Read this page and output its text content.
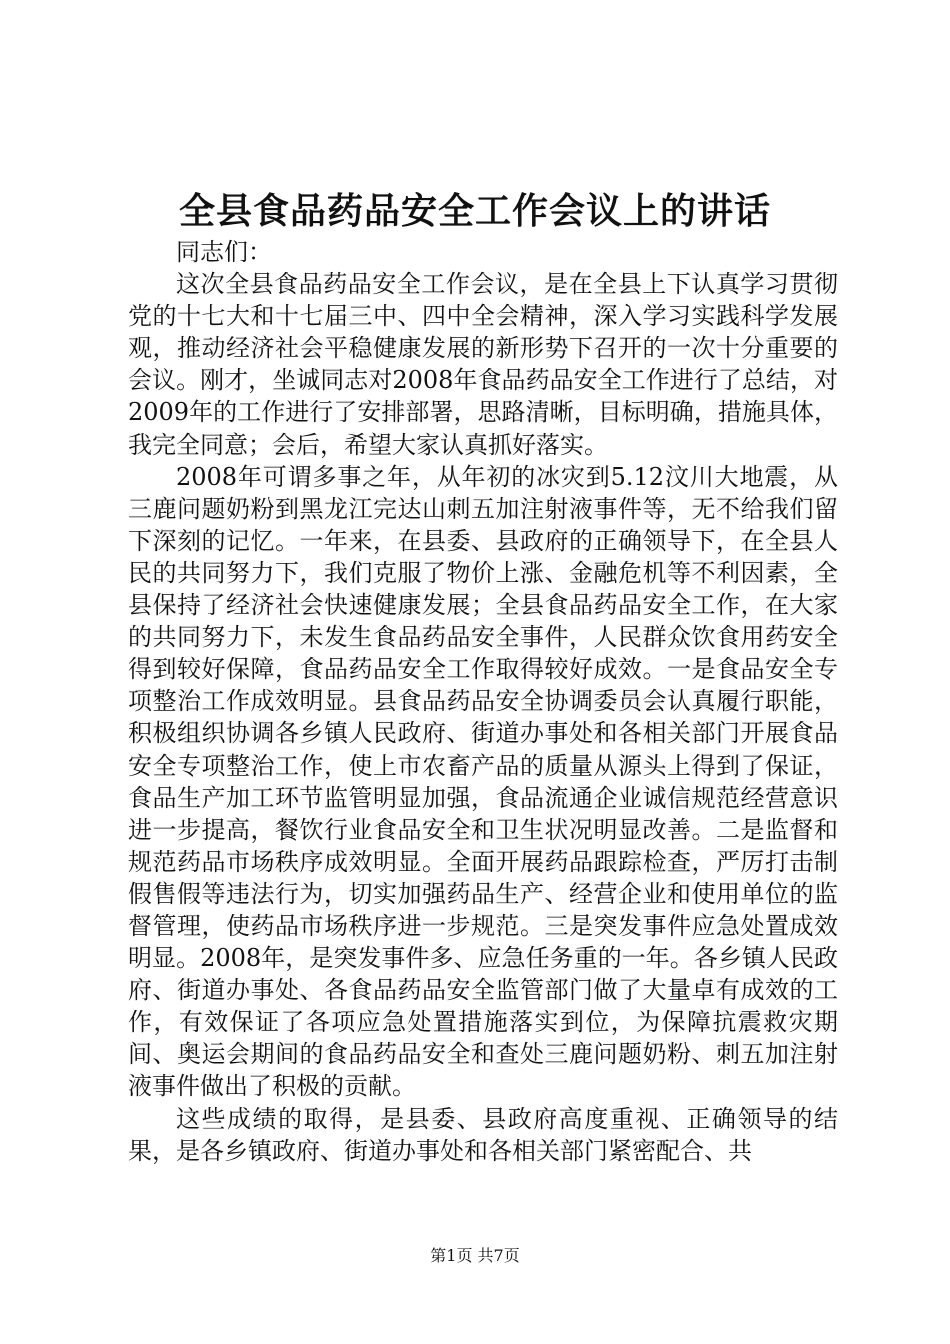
全县食品药品安全工作会议上的讲话

同志们：

这次全县食品药品安全工作会议，是在全县上下认真学习贯彻党的十七大和十七届三中、四中全会精神，深入学习实践科学发展观，推动经济社会平稳健康发展的新形势下召开的一次十分重要的会议。刚才，坐诚同志对2008年食品药品安全工作进行了总结，对2009年的工作进行了安排部署，思路清晰，目标明确，措施具体，我完全同意；会后，希望大家认真抓好落实。

2008年可谓多事之年，从年初的冰灾到5.12汶川大地震，从三鹿问题奶粉到黑龙江完达山刺五加注射液事件等，无不给我们留下深刻的记忆。一年来，在县委、县政府的正确领导下，在全县人民的共同努力下，我们克服了物价上涨、金融危机等不利因素，全县保持了经济社会快速健康发展；全县食品药品安全工作，在大家的共同努力下，未发生食品药品安全事件，人民群众饮食用药安全得到较好保障，食品药品安全工作取得较好成效。一是食品安全专项整治工作成效明显。县食品药品安全协调委员会认真履行职能，积极组织协调各乡镇人民政府、街道办事处和各相关部门开展食品安全专项整治工作，使上市农畜产品的质量从源头上得到了保证，食品生产加工环节监管明显加强，食品流通企业诚信规范经营意识进一步提高，餐饮行业食品安全和卫生状况明显改善。二是监督和规范药品市场秩序成效明显。全面开展药品跟踪检查，严厉打击制假售假等违法行为，切实加强药品生产、经营企业和使用单位的监督管理，使药品市场秩序进一步规范。三是突发事件应急处置成效明显。2008年，是突发事件多、应急任务重的一年。各乡镇人民政府、街道办事处、各食品药品安全监管部门做了大量卓有成效的工作，有效保证了各项应急处置措施落实到位，为保障抗震救灾期间、奥运会期间的食品药品安全和查处三鹿问题奶粉、刺五加注射液事件做出了积极的贡献。

这些成绩的取得，是县委、县政府高度重视、正确领导的结果，是各乡镇政府、街道办事处和各相关部门紧密配合、共

第1页 共7页
